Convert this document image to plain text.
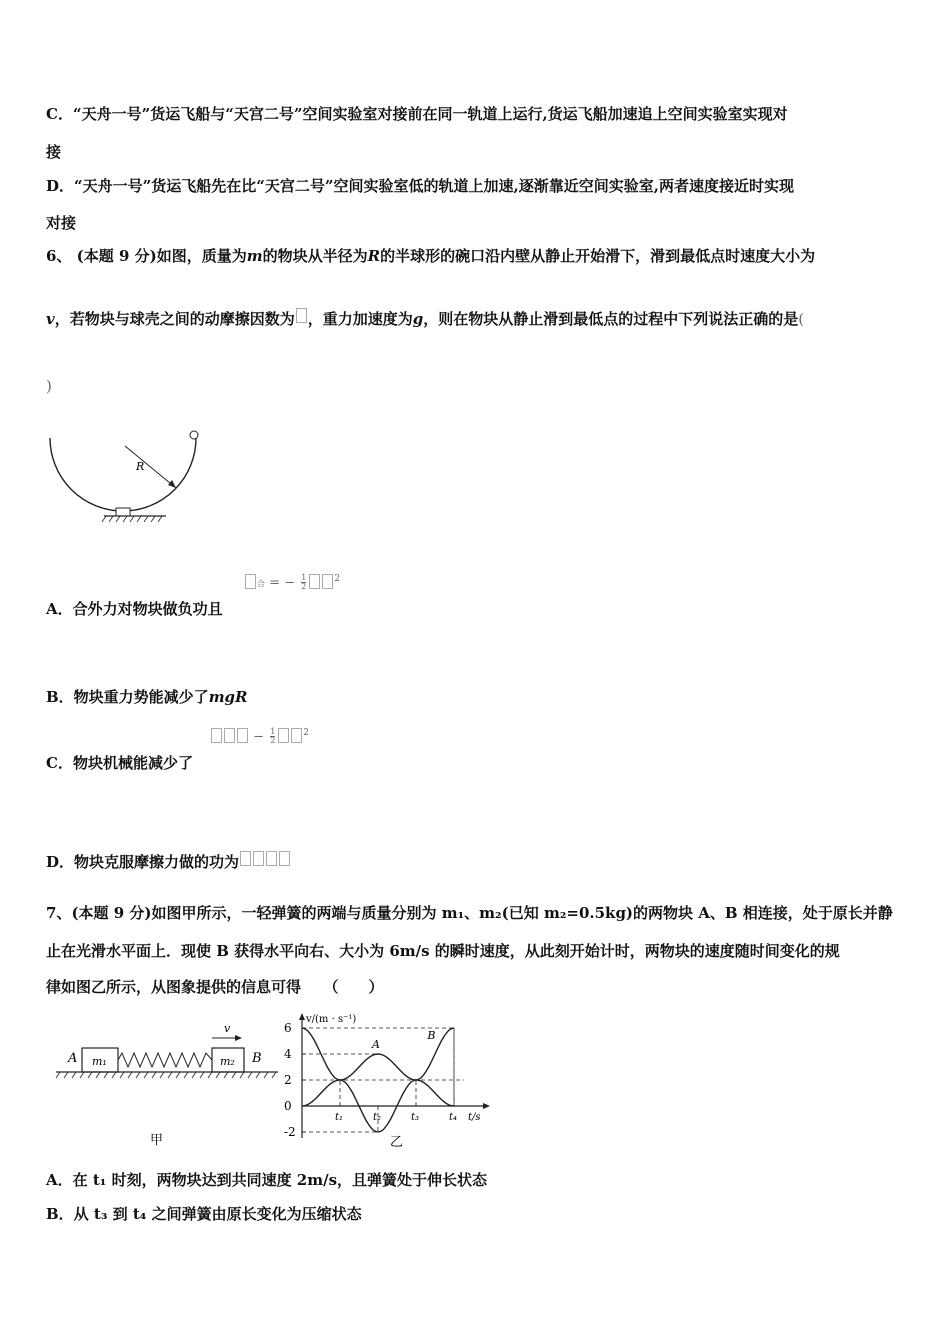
C．“天舟一号”货运飞船与“天宫二号”空间实验室对接前在同一轨道上运行,货运飞船加速追上空间实验室实现对
接
D．“天舟一号”货运飞船先在比“天宫二号”空间实验室低的轨道上加速,逐渐靠近空间实验室,两者速度接近时实现
对接
6、 (本题 9 分)如图，质量为m的物块从半径为R的半球形的碗口沿内壁从静止开始滑下，滑到最低点时速度大小为
v，若物块与球壳之间的动摩擦因数为 ，重力加速度为g，则在物块从静止滑到最低点的过程中下列说法正确的是(
)
R
A．合外力对物块做负功且
合 = − $\frac{1}{2}$	$^2$
B．物块重力势能减少了mgR
C．物块机械能减少了
− $\frac{1}{2}$	$^2$
D．物块克服摩擦力做的功为
7、(本题 9 分)如图甲所示，一轻弹簧的两端与质量分别为 m₁、m₂(已知 m₂=0.5kg)的两物块 A、B 相连接，处于原长并静
止在光滑水平面上．现使 B 获得水平向右、大小为 6m/s 的瞬时速度，从此刻开始计时，两物块的速度随时间变化的规
律如图乙所示，从图象提供的信息可得　　（　　）
A m₁	m₂ B
v
甲
v/(m · s⁻¹)
t/s
-2
0
2
4
6
t₁	t₂	t₃	t₄
A
B
乙
A．在 t₁ 时刻，两物块达到共同速度 2m/s，且弹簧处于伸长状态
B．从 t₃ 到 t₄ 之间弹簧由原长变化为压缩状态
